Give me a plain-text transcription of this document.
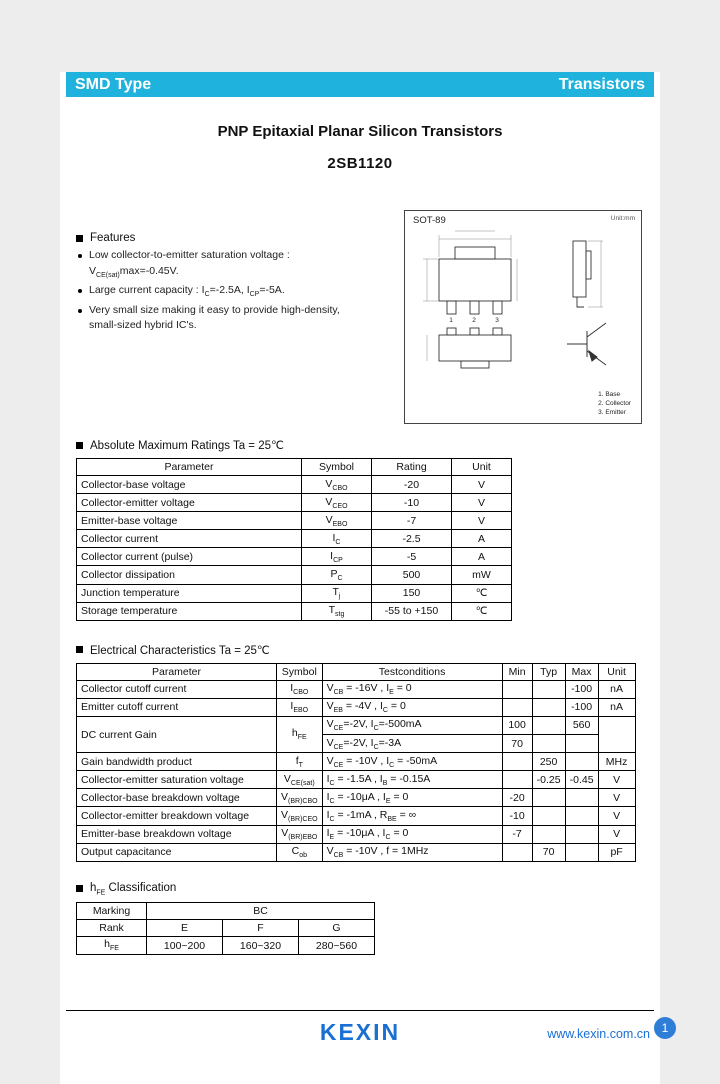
SMD Type	Transistors
PNP Epitaxial Planar Silicon Transistors
2SB1120
Features
Low collector-to-emitter saturation voltage :
$V_{CE(sat)}\max=-0.45V$.
Large current capacity : $I_C=-2.5A$, $I_{CP}=-5A$.
Very small size making it easy to provide high-density,
small-sized hybrid IC's.
SOT-89	Unit:mm
1	2	3
1. Base
2. Collector
3. Emitter
Absolute Maximum Ratings Ta = 25℃
Parameter	Symbol	Rating	Unit
Collector-base voltage	$V_{CBO}$	-20	V
Collector-emitter voltage	$V_{CEO}$	-10	V
Emitter-base voltage	$V_{EBO}$	-7	V
Collector current	$I_C$	-2.5	A
Collector current (pulse)	$I_{CP}$	-5	A
Collector dissipation	$P_C$	500	mW
Junction temperature	$T_j$	150	℃
Storage temperature	$T_{stg}$	-55 to +150	℃
Electrical Characteristics Ta = 25℃
Parameter	Symbol	Testconditions	Min	Typ	Max	Unit
Collector cutoff current	$I_{CBO}$	$V_{CB} = -16V$ , $I_E = 0$			-100	nA
Emitter cutoff current	$I_{EBO}$	$V_{EB} = -4V$ , $I_C = 0$			-100	nA
DC current Gain	$h_{FE}$	$V_{CE}=-2V$, $I_C=-500mA$	100		560	
		$V_{CE}=-2V$, $I_C=-3A$	70			
Gain bandwidth product	$f_T$	$V_{CE} = -10V$ , $I_C = -50mA$		250		MHz
Collector-emitter saturation voltage	$V_{CE(sat)}$	$I_C = -1.5A$ , $I_B = -0.15A$		-0.25	-0.45	V
Collector-base breakdown voltage	$V_{(BR)CBO}$	$I_C = -10\mu A$ , $I_E = 0$	-20			V
Collector-emitter breakdown voltage	$V_{(BR)CEO}$	$I_C = -1mA$ , $R_{BE}$ = ∞	-10			V
Emitter-base breakdown voltage	$V_{(BR)EBO}$	$I_E = -10\mu A$ , $I_C = 0$	-7			V
Output capacitance	$C_{ob}$	$V_{CB} = -10V$ , f = 1MHz		70		pF
$h_{FE}$ Classification
Marking	BC		
Rank	E	F	G
$h_{FE}$	100~200	160~320	280~560
KEXIN	www.kexin.com.cn 1
